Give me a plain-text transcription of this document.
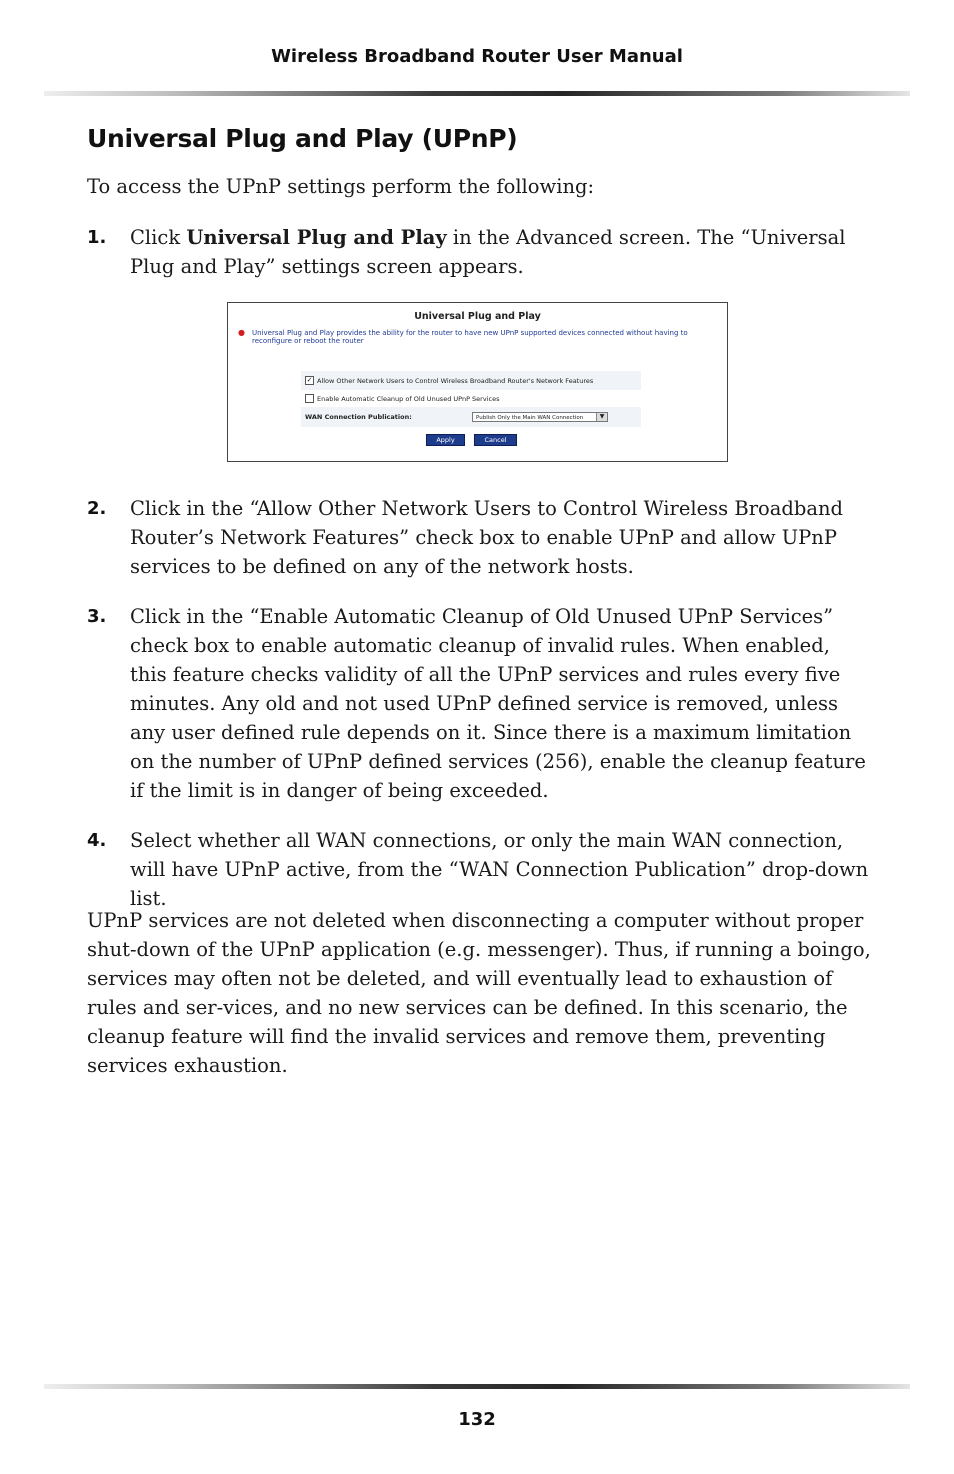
Wireless Broadband Router User Manual
Universal Plug and Play (UPnP)
To access the UPnP settings perform the following:
1. Click Universal Plug and Play in the Advanced screen. The “Universal Plug and Play” settings screen appears.
Universal Plug and Play
● Universal Plug and Play provides the ability for the router to have new UPnP supported devices connected without having to reconfigure or reboot the router
✓ Allow Other Network Users to Control Wireless Broadband Router's Network Features
Enable Automatic Cleanup of Old Unused UPnP Services
WAN Connection Publication:	Publish Only the Main WAN Connection	▼
Apply	Cancel
2. Click in the “Allow Other Network Users to Control Wireless Broadband Router’s Network Features” check box to enable UPnP and allow UPnP services to be defined on any of the network hosts.
3. Click in the “Enable Automatic Cleanup of Old Unused UPnP Services” check box to enable automatic cleanup of invalid rules. When enabled, this feature checks validity of all the UPnP services and rules every five minutes. Any old and not used UPnP defined service is removed, unless any user defined rule depends on it. Since there is a maximum limitation on the number of UPnP defined services (256), enable the cleanup feature if the limit is in danger of being exceeded.
4. Select whether all WAN connections, or only the main WAN connection, will have UPnP active, from the “WAN Connection Publication” drop-down list.
UPnP services are not deleted when disconnecting a computer without proper shut-down of the UPnP application (e.g. messenger). Thus, if running a boingo, services may often not be deleted, and will eventually lead to exhaustion of rules and ser-vices, and no new services can be defined. In this scenario, the cleanup feature will find the invalid services and remove them, preventing services exhaustion.
132
